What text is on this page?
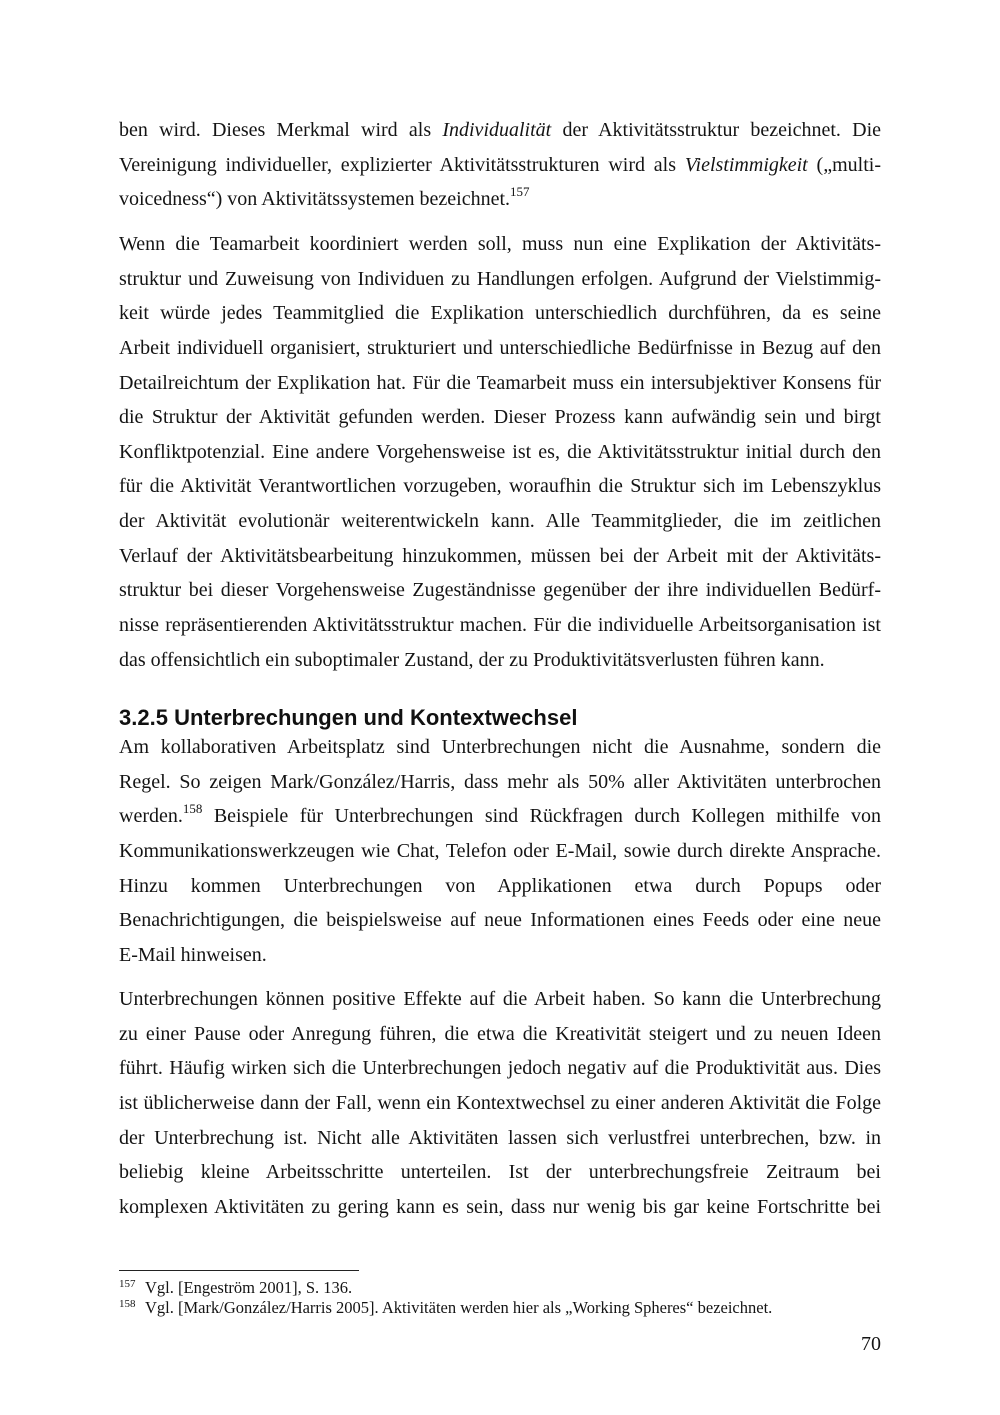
ben wird. Dieses Merkmal wird als Individualität der Aktivitätsstruktur bezeichnet. Die
Vereinigung individueller, explizierter Aktivitätsstrukturen wird als Vielstimmigkeit („multi-
voicedness“) von Aktivitätssystemen bezeichnet.$^{157}$
Wenn die Teamarbeit koordiniert werden soll, muss nun eine Explikation der Aktivitäts-
struktur und Zuweisung von Individuen zu Handlungen erfolgen. Aufgrund der Vielstimmig-
keit würde jedes Teammitglied die Explikation unterschiedlich durchführen, da es seine
Arbeit individuell organisiert, strukturiert und unterschiedliche Bedürfnisse in Bezug auf den
Detailreichtum der Explikation hat. Für die Teamarbeit muss ein intersubjektiver Konsens für
die Struktur der Aktivität gefunden werden. Dieser Prozess kann aufwändig sein und birgt
Konfliktpotenzial. Eine andere Vorgehensweise ist es, die Aktivitätsstruktur initial durch den
für die Aktivität Verantwortlichen vorzugeben, woraufhin die Struktur sich im Lebenszyklus
der Aktivität evolutionär weiterentwickeln kann. Alle Teammitglieder, die im zeitlichen
Verlauf der Aktivitätsbearbeitung hinzukommen, müssen bei der Arbeit mit der Aktivitäts-
struktur bei dieser Vorgehensweise Zugeständnisse gegenüber der ihre individuellen Bedürf-
nisse repräsentierenden Aktivitätsstruktur machen. Für die individuelle Arbeitsorganisation ist
das offensichtlich ein suboptimaler Zustand, der zu Produktivitätsverlusten führen kann.
3.2.5 Unterbrechungen und Kontextwechsel
Am kollaborativen Arbeitsplatz sind Unterbrechungen nicht die Ausnahme, sondern die
Regel. So zeigen Mark/González/Harris, dass mehr als 50% aller Aktivitäten unterbrochen
werden.$^{158}$ Beispiele für Unterbrechungen sind Rückfragen durch Kollegen mithilfe von
Kommunikationswerkzeugen wie Chat, Telefon oder E-Mail, sowie durch direkte Ansprache.
Hinzu kommen Unterbrechungen von Applikationen etwa durch Popups oder
Benachrichtigungen, die beispielsweise auf neue Informationen eines Feeds oder eine neue
E-Mail hinweisen.
Unterbrechungen können positive Effekte auf die Arbeit haben. So kann die Unterbrechung
zu einer Pause oder Anregung führen, die etwa die Kreativität steigert und zu neuen Ideen
führt. Häufig wirken sich die Unterbrechungen jedoch negativ auf die Produktivität aus. Dies
ist üblicherweise dann der Fall, wenn ein Kontextwechsel zu einer anderen Aktivität die Folge
der Unterbrechung ist. Nicht alle Aktivitäten lassen sich verlustfrei unterbrechen, bzw. in
beliebig kleine Arbeitsschritte unterteilen. Ist der unterbrechungsfreie Zeitraum bei
komplexen Aktivitäten zu gering kann es sein, dass nur wenig bis gar keine Fortschritte bei
157 Vgl. [Engeström 2001], S. 136.
158 Vgl. [Mark/González/Harris 2005]. Aktivitäten werden hier als „Working Spheres“ bezeichnet.
70
